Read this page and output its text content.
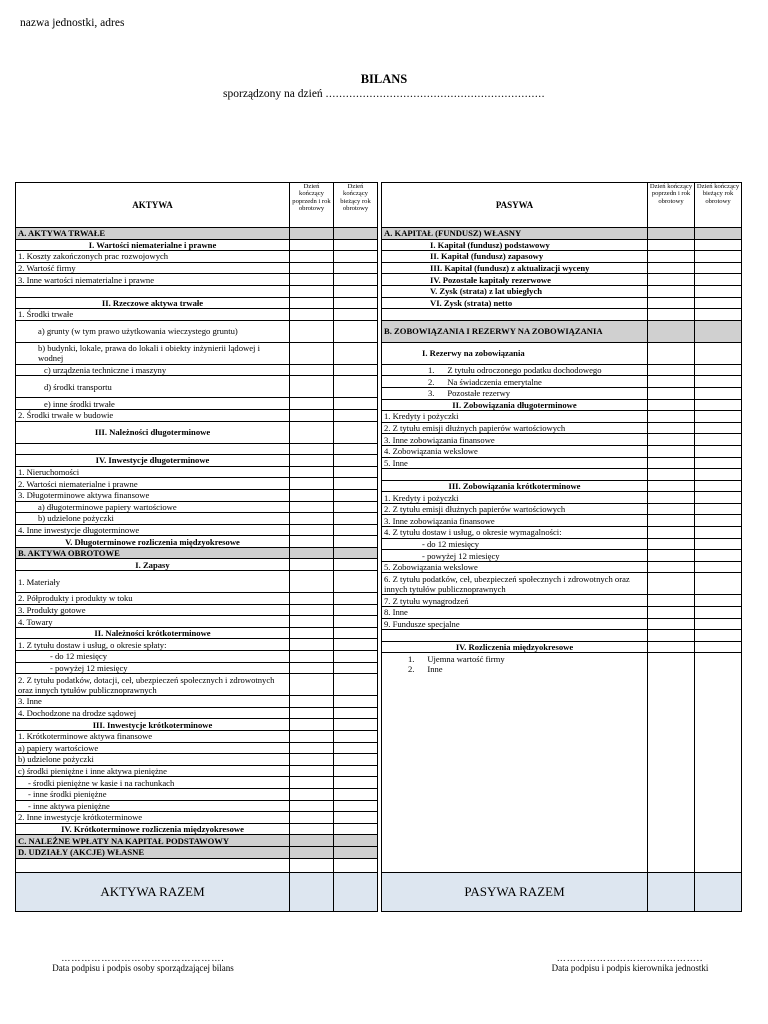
nazwa jednostki, adres
BILANS
sporządzony na dzień .................................................................
AKTYWA	Dzień kończący poprzedn i rok obrotowy	Dzień kończący bieżący rok obrotowy
A. AKTYWA TRWAŁE		
I. Wartości niematerialne i prawne		
1. Koszty zakończonych prac rozwojowych		
2. Wartość firmy		
3. Inne wartości niematerialne i prawne		

II. Rzeczowe aktywa trwałe		
1. Środki trwałe		
a) grunty (w tym prawo użytkowania wieczystego gruntu)		
b) budynki, lokale, prawa do lokali i obiekty inżynierii lądowej i wodnej		
c) urządzenia techniczne i maszyny		
d) środki transportu		
e) inne środki trwałe		
2. Środki trwałe w budowie		
III. Należności długoterminowe		

IV. Inwestycje długoterminowe		
1. Nieruchomości		
2. Wartości niematerialne i prawne		
3. Długoterminowe aktywa finansowe		
a) długoterminowe papiery wartościowe		
b) udzielone pożyczki		
4. Inne inwestycje długoterminowe		
V. Długoterminowe rozliczenia międzyokresowe		
B. AKTYWA OBROTOWE		
I. Zapasy		
1. Materiały		
2. Półprodukty i produkty w toku		
3. Produkty gotowe		
4. Towary		
II. Należności krótkoterminowe		
1. Z tytułu dostaw i usług, o okresie spłaty:		
- do 12 miesięcy		
- powyżej 12 miesięcy		
2. Z tytułu podatków, dotacji, ceł, ubezpieczeń społecznych i zdrowotnych oraz innych tytułów publicznoprawnych		
3. Inne		
4. Dochodzone na drodze sądowej		
III. Inwestycje krótkoterminowe		
1. Krótkoterminowe aktywa finansowe		
a) papiery wartościowe		
b) udzielone pożyczki		
c) środki pieniężne i inne aktywa pieniężne		
- środki pieniężne w kasie i na rachunkach		
- inne środki pieniężne		
- inne aktywa pieniężne		
2. Inne inwestycje krótkoterminowe		
IV. Krótkoterminowe rozliczenia międzyokresowe		
C. NALEŻNE WPŁATY NA KAPITAŁ PODSTAWOWY		
D. UDZIAŁY (AKCJE) WŁASNE		

AKTYWA RAZEM		
PASYWA	Dzień kończący poprzedn i rok obrotowy	Dzień kończący bieżący rok obrotowy
A. KAPITAŁ (FUNDUSZ) WŁASNY		
I. Kapitał (fundusz) podstawowy		
II. Kapitał (fundusz) zapasowy		
III. Kapitał (fundusz) z aktualizacji wyceny		
IV. Pozostałe kapitały rezerwowe		
V. Zysk (strata) z lat ubiegłych		
VI. Zysk (strata) netto		

B. ZOBOWIĄZANIA I REZERWY NA ZOBOWIĄZANIA		
I. Rezerwy na zobowiązania		
1.      Z tytułu odroczonego podatku dochodowego		
2.      Na świadczenia emerytalne		
3.      Pozostałe rezerwy		
II. Zobowiązania długoterminowe		
1. Kredyty i pożyczki		
2. Z tytułu emisji dłużnych papierów wartościowych		
3. Inne zobowiązania finansowe		
4. Zobowiązania wekslowe		
5. Inne		

III. Zobowiązania krótkoterminowe		
1. Kredyty i pożyczki		
2. Z tytułu emisji dłużnych papierów wartościowych		
3. Inne zobowiązania finansowe		
4. Z tytułu dostaw i usług, o okresie wymagalności:		
- do 12 miesięcy		
- powyżej 12 miesięcy		
5. Zobowiązania wekslowe		
6. Z tytułu podatków, ceł, ubezpieczeń społecznych i zdrowotnych oraz innych tytułów publicznoprawnych		
7. Z tytułu wynagrodzeń		
8. Inne		
9. Fundusze specjalne		

IV. Rozliczenia międzyokresowe		
1.      Ujemna wartość firmy		
2.      Inne		

PASYWA RAZEM		
………………………………………….
Data podpisu i podpis osoby sporządzającej bilans
……………………………………..
Data podpisu i podpis kierownika jednostki
